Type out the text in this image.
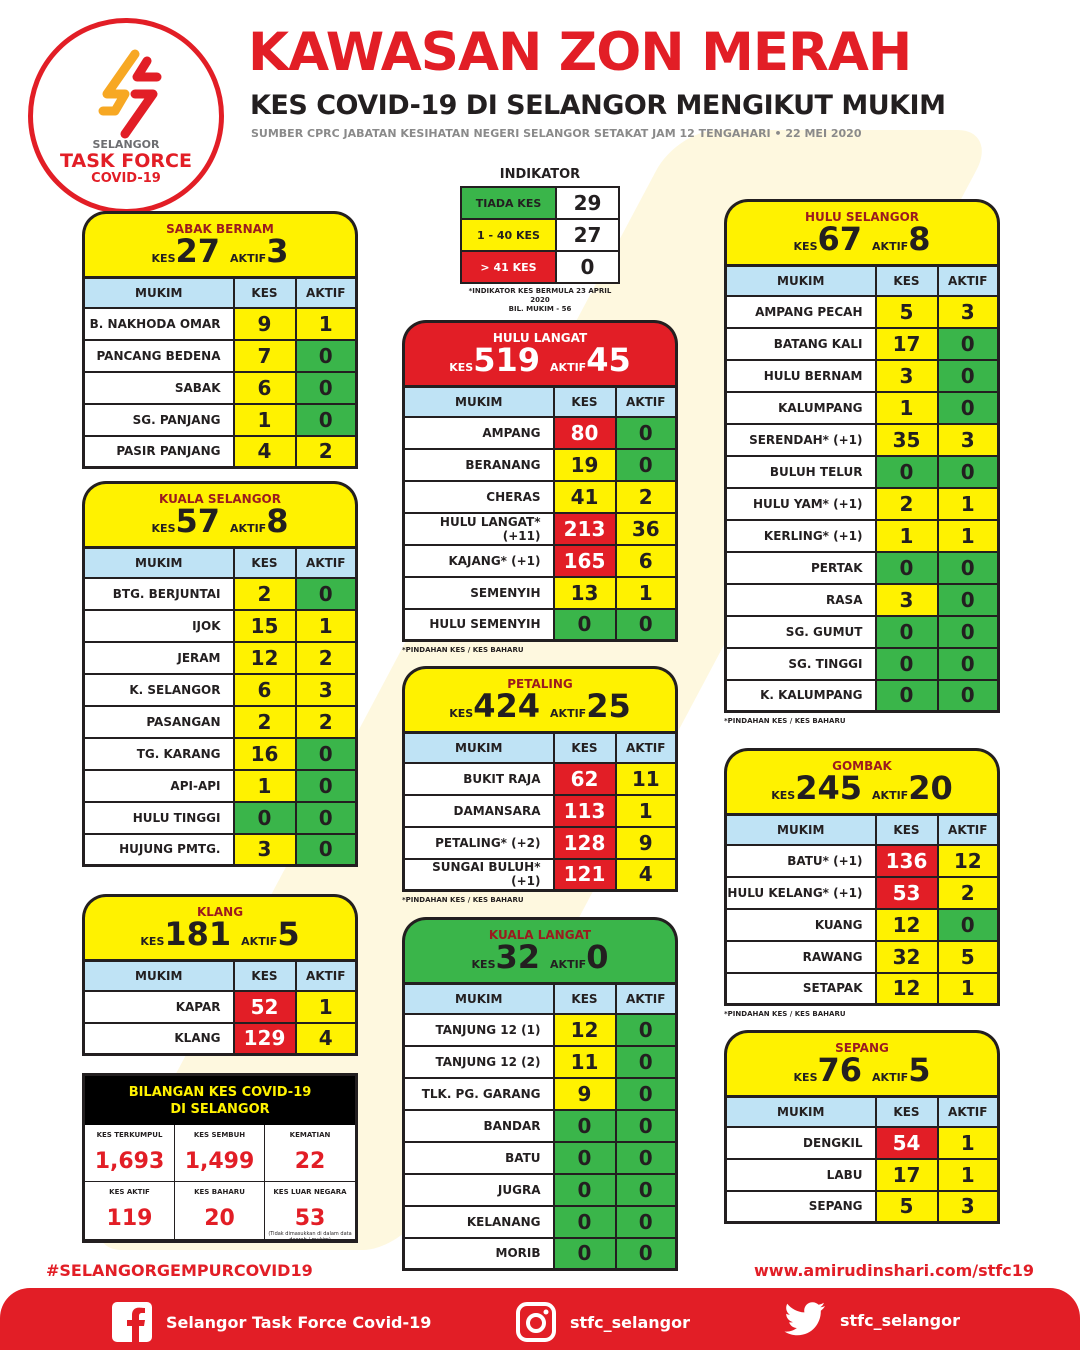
SELANGOR
TASK FORCE
COVID-19
KAWASAN ZON MERAH
KES COVID-19 DI SELANGOR MENGIKUT MUKIM
SUMBER CPRC JABATAN KESIHATAN NEGERI SELANGOR SETAKAT JAM 12 TENGAHARI • 22 MEI 2020
INDIKATOR
TIADA KES	29
1 - 40 KES	27
> 41 KES	0
*INDIKATOR KES BERMULA 23 APRIL 2020
BIL. MUKIM - 56
SABAK BERNAM
KES27 AKTIF3
MUKIM	KES	AKTIF
B. NAKHODA OMAR	9	1
PANCANG BEDENA	7	0
SABAK	6	0
SG. PANJANG	1	0
PASIR PANJANG	4	2
KUALA SELANGOR
KES57 AKTIF8
MUKIM	KES	AKTIF
BTG. BERJUNTAI	2	0
IJOK	15	1
JERAM	12	2
K. SELANGOR	6	3
PASANGAN	2	2
TG. KARANG	16	0
API-API	1	0
HULU TINGGI	0	0
HUJUNG PMTG.	3	0
KLANG
KES181 AKTIF5
MUKIM	KES	AKTIF
KAPAR	52	1
KLANG	129	4
HULU LANGAT
KES519 AKTIF45
MUKIM	KES	AKTIF
AMPANG	80	0
BERANANG	19	0
CHERAS	41	2
HULU LANGAT* (+11)	213	36
KAJANG* (+1)	165	6
SEMENYIH	13	1
HULU SEMENYIH	0	0
*PINDAHAN KES / KES BAHARU
PETALING
KES424 AKTIF25
MUKIM	KES	AKTIF
BUKIT RAJA	62	11
DAMANSARA	113	1
PETALING* (+2)	128	9
SUNGAI BULUH* (+1)	121	4
*PINDAHAN KES / KES BAHARU
KUALA LANGAT
KES32 AKTIF0
MUKIM	KES	AKTIF
TANJUNG 12 (1)	12	0
TANJUNG 12 (2)	11	0
TLK. PG. GARANG	9	0
BANDAR	0	0
BATU	0	0
JUGRA	0	0
KELANANG	0	0
MORIB	0	0
HULU SELANGOR
KES67 AKTIF8
MUKIM	KES	AKTIF
AMPANG PECAH	5	3
BATANG KALI	17	0
HULU BERNAM	3	0
KALUMPANG	1	0
SERENDAH* (+1)	35	3
BULUH TELUR	0	0
HULU YAM* (+1)	2	1
KERLING* (+1)	1	1
PERTAK	0	0
RASA	3	0
SG. GUMUT	0	0
SG. TINGGI	0	0
K. KALUMPANG	0	0
*PINDAHAN KES / KES BAHARU
GOMBAK
KES245 AKTIF20
MUKIM	KES	AKTIF
BATU* (+1)	136	12
HULU KELANG* (+1)	53	2
KUANG	12	0
RAWANG	32	5
SETAPAK	12	1
*PINDAHAN KES / KES BAHARU
SEPANG
KES76 AKTIF5
MUKIM	KES	AKTIF
DENGKIL	54	1
LABU	17	1
SEPANG	5	3
BILANGAN KES COVID-19
DI SELANGOR
KES TERKUMPUL
1,693
KES SEMBUH
1,499
KEMATIAN
22
KES AKTIF
119
KES BAHARU
20
KES LUAR NEGARA
53
(Tidak dimasukkan di dalam data daerah / mukim)
#SELANGORGEMPURCOVID19	www.amirudinshari.com/stfc19
Selangor Task Force Covid-19	stfc_selangor	stfc_selangor
